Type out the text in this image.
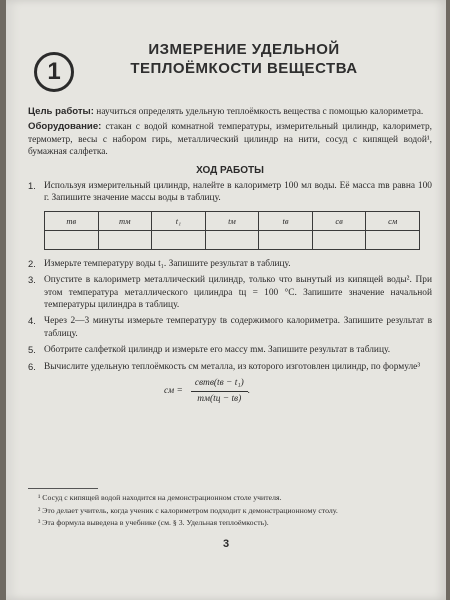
1
ИЗМЕРЕНИЕ УДЕЛЬНОЙ
ТЕПЛОЁМКОСТИ ВЕЩЕСТВА

Цель работы: научиться определять удельную теплоёмкость вещества с помощью калориметра.

Оборудование: стакан с водой комнатной температуры, измерительный цилиндр, калориметр, термометр, весы с набором гирь, металлический цилиндр на нити, сосуд с кипящей водой¹, бумажная салфетка.

ХОД РАБОТЫ
1. Используя измерительный цилиндр, налейте в калориметр 100 мл воды. Её масса mв равна 100 г. Запишите значение массы воды в таблицу.
mв	mм	t₁	tм	tв	cв	cм

2. Измерьте температуру воды t₁. Запишите результат в таблицу.
3. Опустите в калориметр металлический цилиндр, только что вынутый из кипящей воды². При этом температура металлического цилиндра tц = 100 °С. Запишите значение начальной температуры цилиндра в таблицу.
4. Через 2—3 минуты измерьте температуру tв содержимого калориметра. Запишите результат в таблицу.
5. Оботрите салфеткой цилиндр и измерьте его массу mм. Запишите результат в таблицу.
6. Вычислите удельную теплоёмкость cм металла, из которого изготовлен цилиндр, по формуле³
cм = $\frac{\text{cвmв(tв − t₁)}}{mм(tц - tв)}$ .

¹ Сосуд с кипящей водой находится на демонстрационном столе учителя.

² Это делает учитель, когда ученик с калориметром подходит к демонстрационному столу.

³ Эта формула выведена в учебнике (см. § 3. Удельная теплоёмкость).

3
